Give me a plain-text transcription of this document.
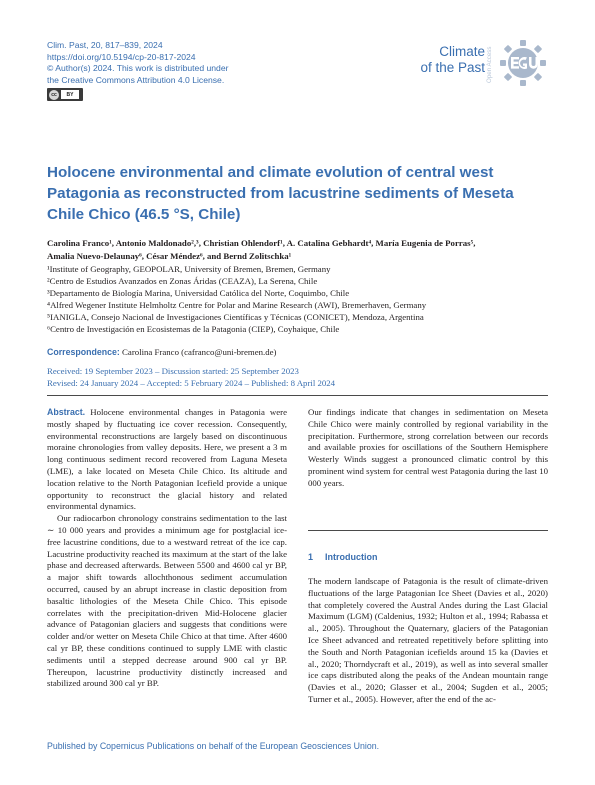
Clim. Past, 20, 817–839, 2024
https://doi.org/10.5194/cp-20-817-2024
© Author(s) 2024. This work is distributed under
the Creative Commons Attribution 4.0 License.
cc	BY
Climate
of the Past Open Access
Holocene environmental and climate evolution of central west Patagonia as reconstructed from lacustrine sediments of Meseta Chile Chico (46.5 °S, Chile)
Carolina Franco¹, Antonio Maldonado²,³, Christian Ohlendorf¹, A. Catalina Gebhardt⁴, María Eugenia de Porras⁵,
Amalia Nuevo-Delaunay⁶, César Méndez⁶, and Bernd Zolitschka¹
¹Institute of Geography, GEOPOLAR, University of Bremen, Bremen, Germany
²Centro de Estudios Avanzados en Zonas Áridas (CEAZA), La Serena, Chile
³Departamento de Biología Marina, Universidad Católica del Norte, Coquimbo, Chile
⁴Alfred Wegener Institute Helmholtz Centre for Polar and Marine Research (AWI), Bremerhaven, Germany
⁵IANIGLA, Consejo Nacional de Investigaciones Científicas y Técnicas (CONICET), Mendoza, Argentina
⁶Centro de Investigación en Ecosistemas de la Patagonia (CIEP), Coyhaique, Chile
Correspondence: Carolina Franco (cafranco@uni-bremen.de)
Received: 19 September 2023 – Discussion started: 25 September 2023
Revised: 24 January 2024 – Accepted: 5 February 2024 – Published: 8 April 2024

Abstract. Holocene environmental changes in Patagonia were mostly shaped by fluctuating ice cover recession. Consequently, environmental reconstructions are largely based on discontinuous moraine chronologies from valley deposits. Here, we present a 3 m long continuous sediment record recovered from Laguna Meseta (LME), a lake located on Meseta Chile Chico. Its altitude and location relative to the North Patagonian Icefield provide a unique opportunity to reconstruct the glacial history and related environmental dynamics.

Our radiocarbon chronology constrains sedimentation to the last ∼ 10 000 years and provides a minimum age for postglacial ice-free lacustrine conditions, due to a westward retreat of the ice cap. Lacustrine productivity reached its maximum at the start of the lake phase and decreased afterwards. Between 5500 and 4600 cal yr BP, a major shift towards allochthonous sediment accumulation occurred, caused by an abrupt increase in clastic deposition from basaltic lithologies of the Meseta Chile Chico. This episode correlates with the precipitation-driven Mid-Holocene glacier advance of Patagonian glaciers and suggests that conditions were colder and/or wetter on Meseta Chile Chico at that time. After 4600 cal yr BP, these conditions continued to supply LME with clastic sediments until a stepped decrease around 900 cal yr BP. Thereupon, lacustrine productivity distinctly increased and stabilized around 300 cal yr BP.

Our findings indicate that changes in sedimentation on Meseta Chile Chico were mainly controlled by regional variability in the precipitation. Furthermore, strong correlation between our records and available proxies for oscillations of the Southern Hemisphere Westerly Winds suggest a pronounced climatic control by this prominent wind system for central west Patagonia during the last 10 000 years.

1 Introduction

The modern landscape of Patagonia is the result of climate-driven fluctuations of the large Patagonian Ice Sheet (Davies et al., 2020) that completely covered the Austral Andes during the Last Glacial Maximum (LGM) (Caldenius, 1932; Hulton et al., 1994; Rabassa et al., 2005). Throughout the Quaternary, glaciers of the Patagonian Ice Sheet advanced and retreated repetitively before splitting into the South and North Patagonian icefields around 15 ka (Davies et al., 2020; Thorndycraft et al., 2019), as well as into several smaller ice caps distributed along the peaks of the Andean mountain range (Davies et al., 2020; Glasser et al., 2004; Sugden et al., 2005; Turner et al., 2005). However, after the end of the ac-

Published by Copernicus Publications on behalf of the European Geosciences Union.
